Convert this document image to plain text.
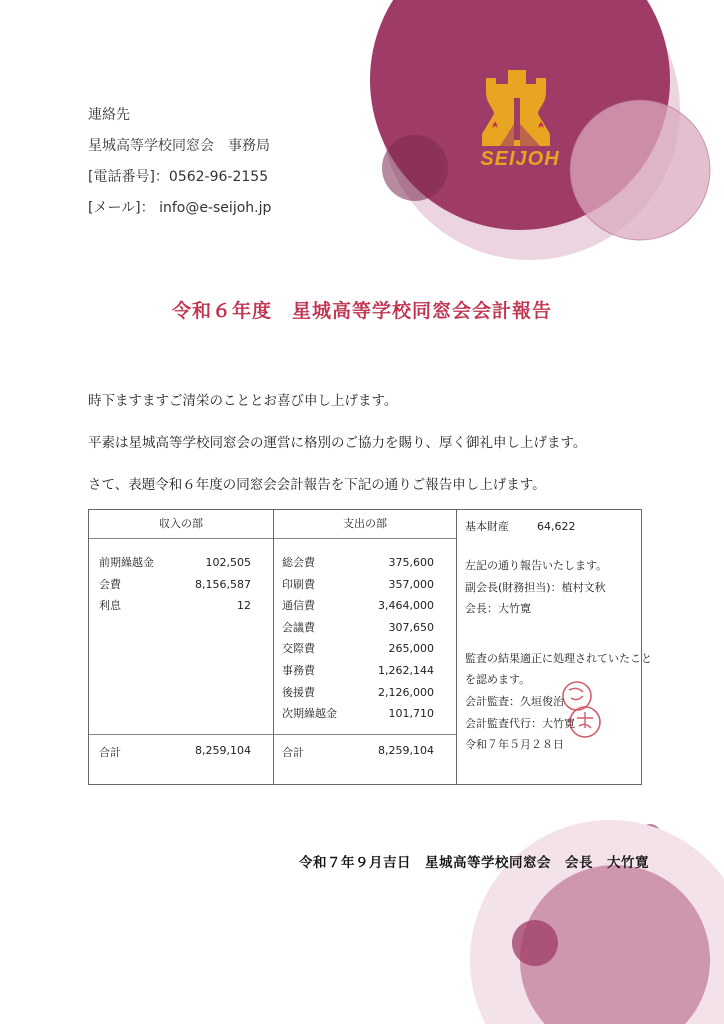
SEIJOH
連絡先
星城高等学校同窓会　事務局
[電話番号]：0562-96-2155
[メール]： info@e-seijoh.jp
令和６年度　星城高等学校同窓会会計報告

時下ますますご清栄のこととお喜び申し上げます。

平素は星城高等学校同窓会の運営に格別のご協力を賜り、厚く御礼申し上げます。

さて、表題令和６年度の同窓会会計報告を下記の通りご報告申し上げます。

収入の部
前期繰越金	102,505
会費	8,156,587
利息	12
合計	8,259,104
支出の部
総会費	375,600
印刷費	357,000
通信費	3,464,000
会議費	307,650
交際費	265,000
事務費	1,262,144
後援費	2,126,000
次期繰越金	101,710
合計	8,259,104
基本財産	64,622
左記の通り報告いたします。
副会長(財務担当)：植村文秋
会長：大竹寛
監査の結果適正に処理されていたこと
を認めます。
会計監査：久垣俊治
会計監査代行：大竹寛
令和７年５月２８日
令和７年９月吉日　星城高等学校同窓会　会長　大竹寛
